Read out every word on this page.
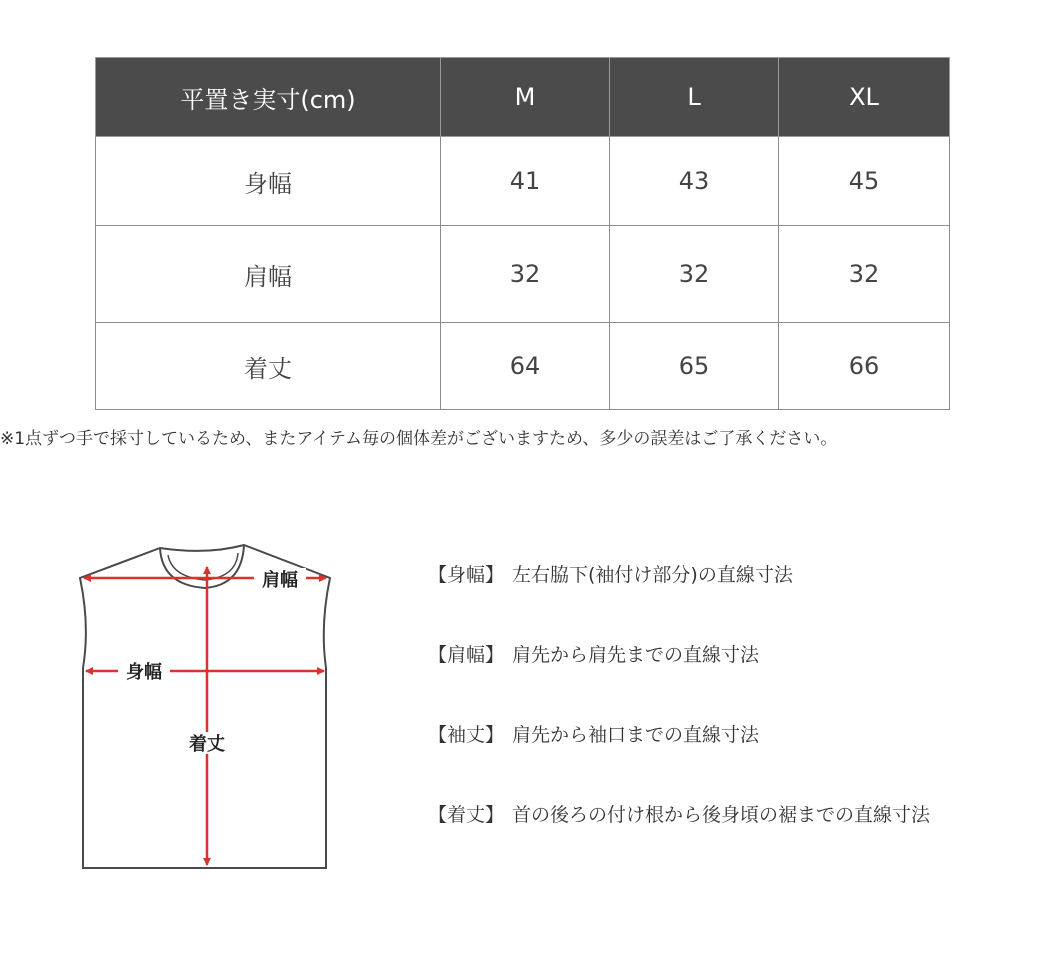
平置き実寸(cm)	M	L	XL
身幅	41	43	45
肩幅	32	32	32
着丈	64	65	66
※1点ずつ手で採寸しているため、またアイテム毎の個体差がございますため、多少の誤差はご了承ください。
肩幅
身幅
着丈
【身幅】 左右脇下(袖付け部分)の直線寸法
【肩幅】 肩先から肩先までの直線寸法
【袖丈】 肩先から袖口までの直線寸法
【着丈】 首の後ろの付け根から後身頃の裾までの直線寸法
